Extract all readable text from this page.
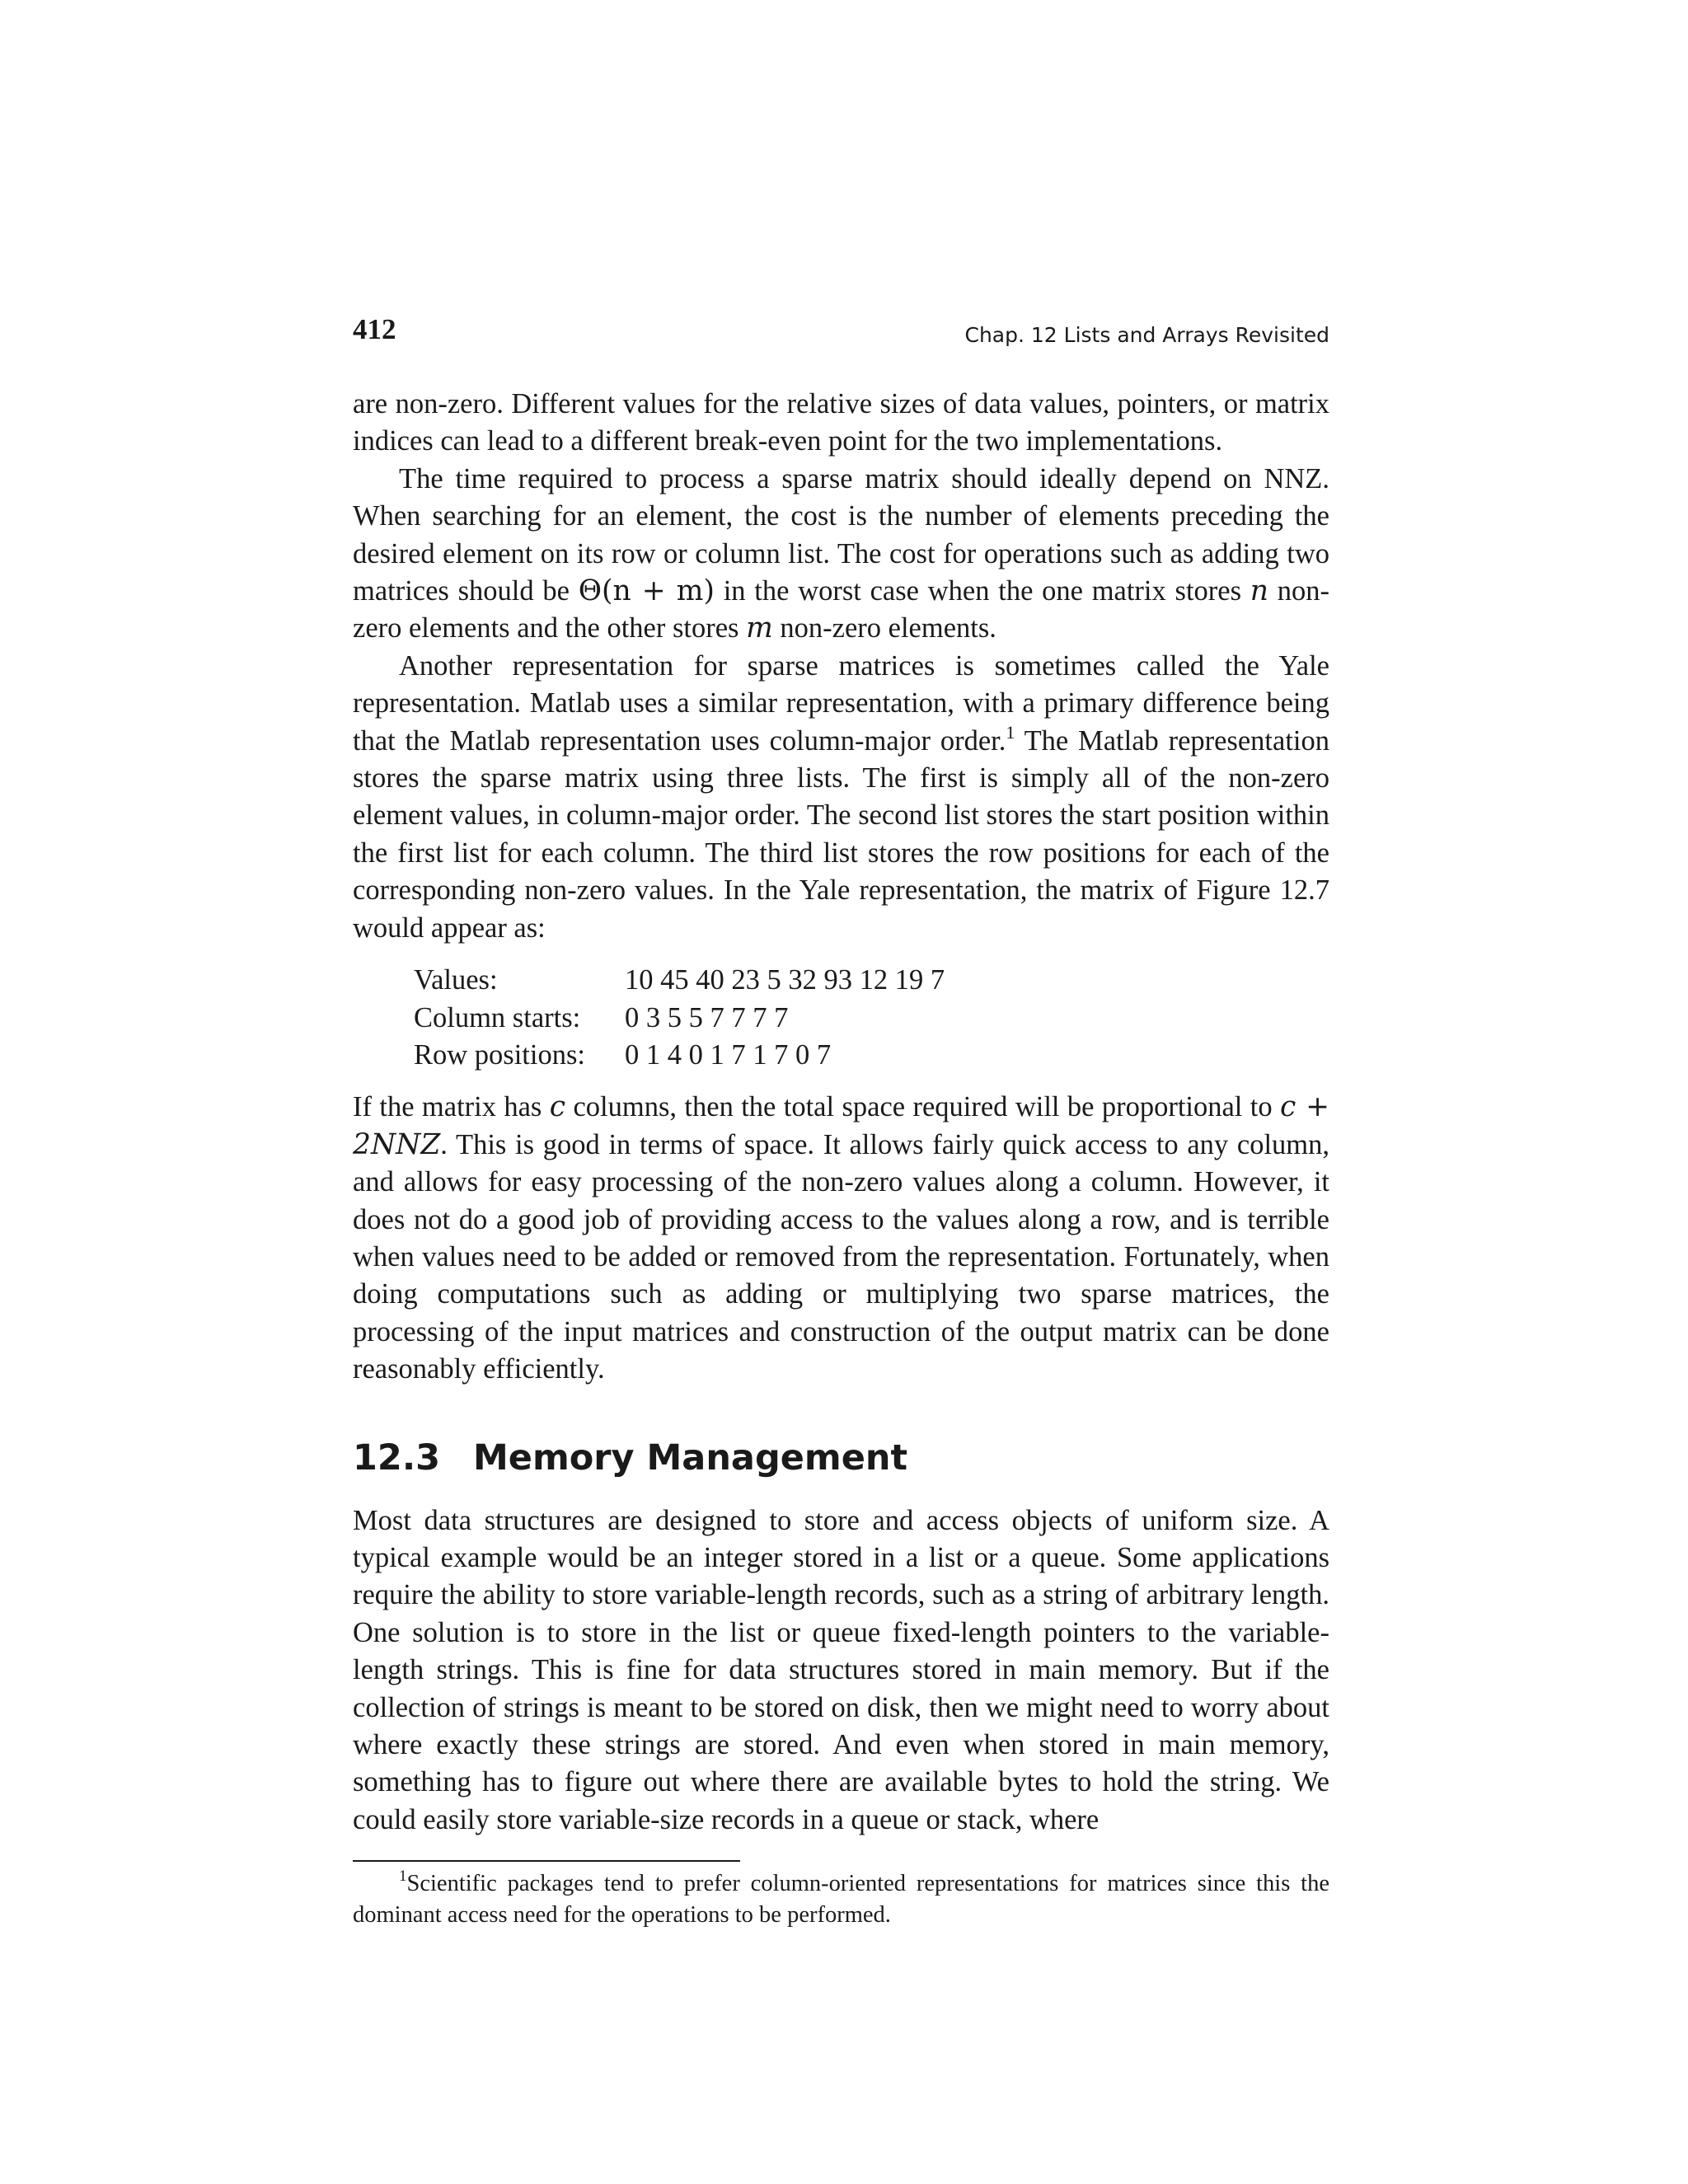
412	Chap. 12 Lists and Arrays Revisited

are non-zero. Different values for the relative sizes of data values, pointers, or matrix indices can lead to a different break-even point for the two implementations.

The time required to process a sparse matrix should ideally depend on NNZ. When searching for an element, the cost is the number of elements preceding the desired element on its row or column list. The cost for operations such as adding two matrices should be Θ(n + m) in the worst case when the one matrix stores n non-zero elements and the other stores m non-zero elements.

Another representation for sparse matrices is sometimes called the Yale representation. Matlab uses a similar representation, with a primary difference being that the Matlab representation uses column-major order.$^1$ The Matlab representation stores the sparse matrix using three lists. The first is simply all of the non-zero element values, in column-major order. The second list stores the start position within the first list for each column. The third list stores the row positions for each of the corresponding non-zero values. In the Yale representation, the matrix of Figure 12.7 would appear as:

Values:	10 45 40 23 5 32 93 12 19 7
Column starts:	0 3 5 5 7 7 7 7
Row positions:	0 1 4 0 1 7 1 7 0 7

If the matrix has c columns, then the total space required will be proportional to c + 2NNZ. This is good in terms of space. It allows fairly quick access to any column, and allows for easy processing of the non-zero values along a column. However, it does not do a good job of providing access to the values along a row, and is terrible when values need to be added or removed from the representation. Fortunately, when doing computations such as adding or multiplying two sparse matrices, the processing of the input matrices and construction of the output matrix can be done reasonably efficiently.

12.3 Memory Management

Most data structures are designed to store and access objects of uniform size. A typical example would be an integer stored in a list or a queue. Some applications require the ability to store variable-length records, such as a string of arbitrary length. One solution is to store in the list or queue fixed-length pointers to the variable-length strings. This is fine for data structures stored in main memory. But if the collection of strings is meant to be stored on disk, then we might need to worry about where exactly these strings are stored. And even when stored in main memory, something has to figure out where there are available bytes to hold the string. We could easily store variable-size records in a queue or stack, where

$^1$Scientific packages tend to prefer column-oriented representations for matrices since this the dominant access need for the operations to be performed.
